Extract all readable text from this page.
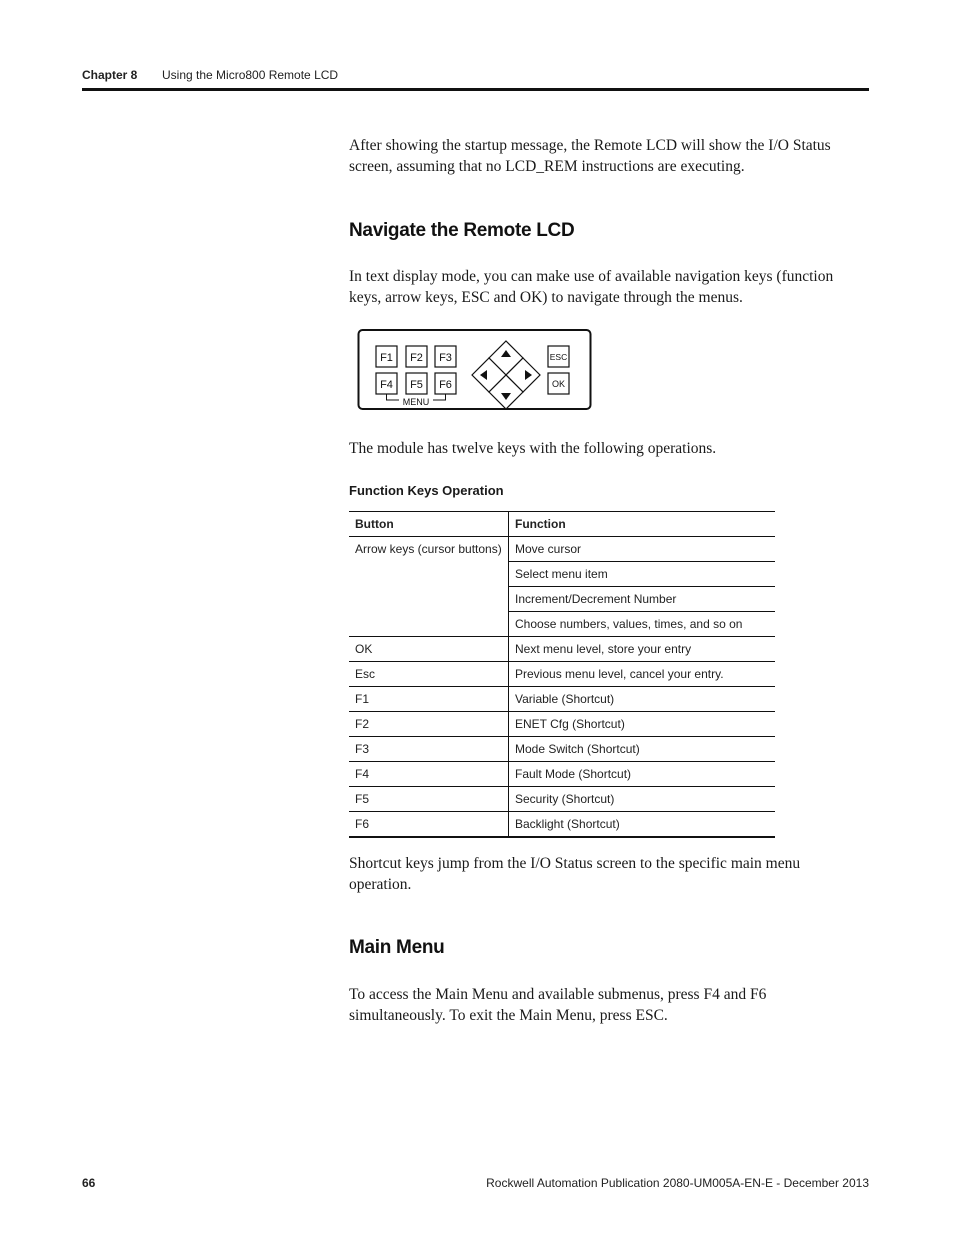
Chapter 8 Using the Micro800 Remote LCD

After showing the startup message, the Remote LCD will show the I/O Status screen, assuming that no LCD_REM instructions are executing.

Navigate the Remote LCD

In text display mode, you can make use of available navigation keys (function keys, arrow keys, ESC and OK) to navigate through the menus.

F1 F2 F3
F4 F5 F6
MENU
ESC
OK

The module has twelve keys with the following operations.

Function Keys Operation
Button	Function
Arrow keys (cursor buttons)	Move cursor
	Select menu item
	Increment/Decrement Number
	Choose numbers, values, times, and so on
OK	Next menu level, store your entry
Esc	Previous menu level, cancel your entry.
F1	Variable (Shortcut)
F2	ENET Cfg (Shortcut)
F3	Mode Switch (Shortcut)
F4	Fault Mode (Shortcut)
F5	Security (Shortcut)
F6	Backlight (Shortcut)

Shortcut keys jump from the I/O Status screen to the specific main menu operation.

Main Menu

To access the Main Menu and available submenus, press F4 and F6 simultaneously. To exit the Main Menu, press ESC.

66	Rockwell Automation Publication 2080-UM005A-EN-E - December 2013
